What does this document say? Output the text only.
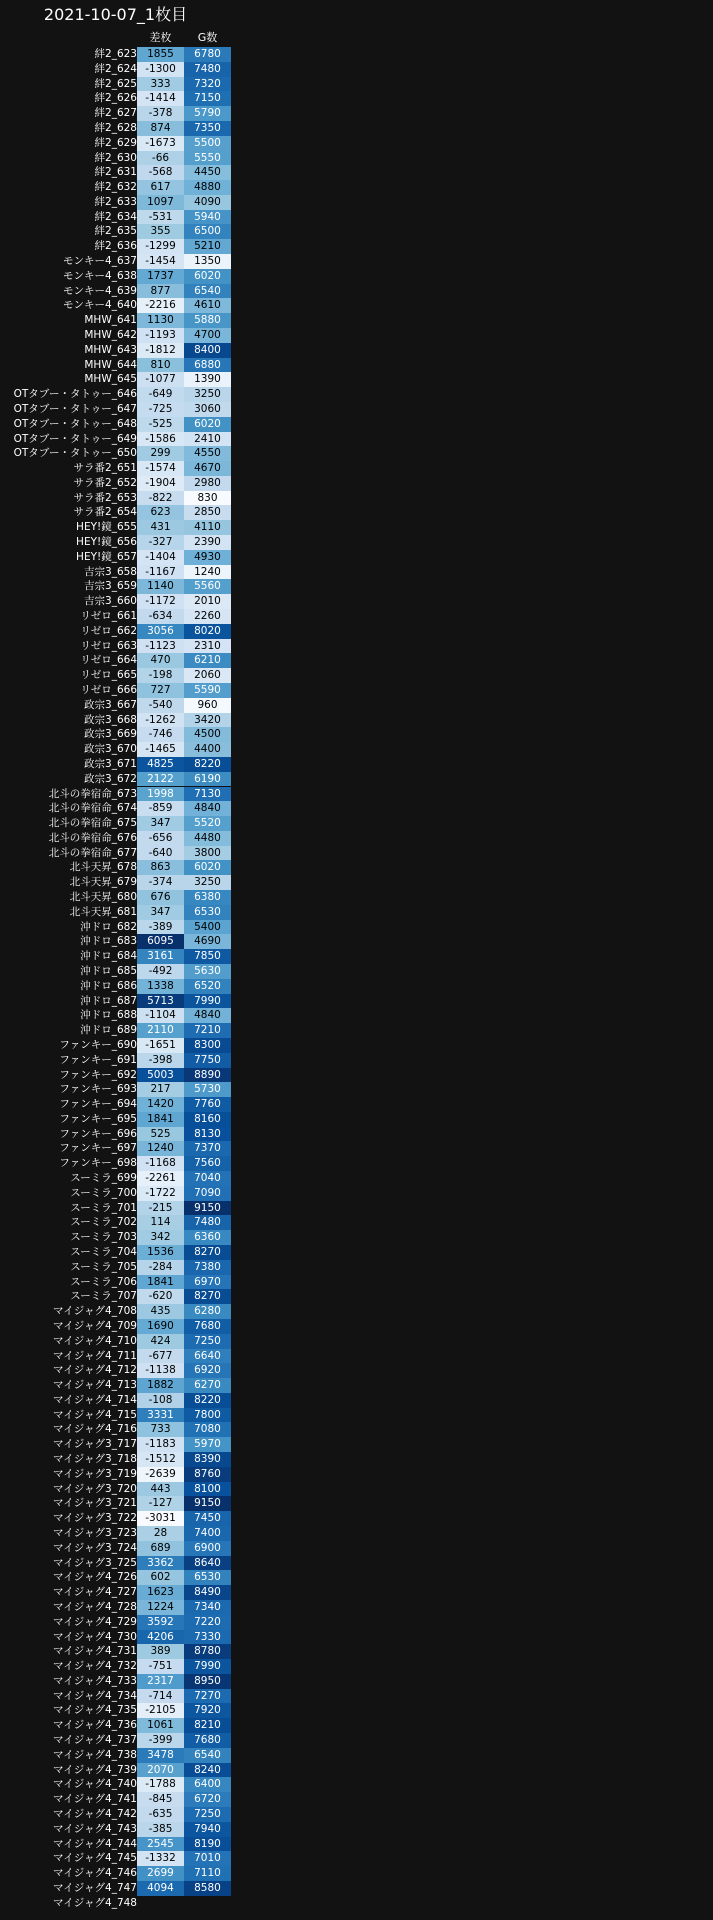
2021-10-07_1枚目
差枚	G数
絆2_623 1855	6780
絆2_624 -1300	7480
絆2_625	333	7320
絆2_626 -1414	7150
絆2_627	-378	5790
絆2_628	874	7350
絆2_629 -1673	5500
絆2_630	-66	5550
絆2_631	-568	4450
絆2_632	617	4880
絆2_633 1097	4090
絆2_634	-531	5940
絆2_635	355	6500
絆2_636 -1299	5210
モンキー4_637 -1454	1350
モンキー4_638 1737	6020
モンキー4_639	877	6540
モンキー4_640 -2216	4610
MHW_641 1130	5880
MHW_642 -1193	4700
MHW_643 -1812	8400
MHW_644	810	6880
MHW_645 -1077	1390
OTタブー・タトゥー_646	-649	3250
OTタブー・タトゥー_647	-725	3060
OTタブー・タトゥー_648	-525	6020
OTタブー・タトゥー_649 -1586	2410
OTタブー・タトゥー_650	299	4550
サラ番2_651 -1574	4670
サラ番2_652 -1904	2980
サラ番2_653	-822	830
サラ番2_654	623	2850
HEY!鏡_655	431	4110
HEY!鏡_656	-327	2390
HEY!鏡_657 -1404	4930
吉宗3_658 -1167	1240
吉宗3_659 1140	5560
吉宗3_660 -1172	2010
リゼロ_661	-634	2260
リゼロ_662 3056	8020
リゼロ_663 -1123	2310
リゼロ_664	470	6210
リゼロ_665	-198	2060
リゼロ_666	727	5590
政宗3_667	-540	960
政宗3_668 -1262	3420
政宗3_669	-746	4500
政宗3_670 -1465	4400
政宗3_671 4825	8220
政宗3_672 2122	6190
北斗の拳宿命_673 1998	7130
北斗の拳宿命_674	-859	4840
北斗の拳宿命_675	347	5520
北斗の拳宿命_676	-656	4480
北斗の拳宿命_677	-640	3800
北斗天昇_678	863	6020
北斗天昇_679	-374	3250
北斗天昇_680	676	6380
北斗天昇_681	347	6530
沖ドロ_682	-389	5400
沖ドロ_683 6095	4690
沖ドロ_684 3161	7850
沖ドロ_685	-492	5630
沖ドロ_686 1338	6520
沖ドロ_687 5713	7990
沖ドロ_688 -1104	4840
沖ドロ_689 2110	7210
ファンキー_690 -1651	8300
ファンキー_691	-398	7750
ファンキー_692 5003	8890
ファンキー_693	217	5730
ファンキー_694 1420	7760
ファンキー_695 1841	8160
ファンキー_696	525	8130
ファンキー_697 1240	7370
ファンキー_698 -1168	7560
スーミラ_699 -2261	7040
スーミラ_700 -1722	7090
スーミラ_701	-215	9150
スーミラ_702	114	7480
スーミラ_703	342	6360
スーミラ_704 1536	8270
スーミラ_705	-284	7380
スーミラ_706 1841	6970
スーミラ_707	-620	8270
マイジャグ4_708	435	6280
マイジャグ4_709 1690	7680
マイジャグ4_710	424	7250
マイジャグ4_711	-677	6640
マイジャグ4_712 -1138	6920
マイジャグ4_713 1882	6270
マイジャグ4_714	-108	8220
マイジャグ4_715 3331	7800
マイジャグ4_716	733	7080
マイジャグ3_717 -1183	5970
マイジャグ3_718 -1512	8390
マイジャグ3_719 -2639	8760
マイジャグ3_720	443	8100
マイジャグ3_721	-127	9150
マイジャグ3_722 -3031	7450
マイジャグ3_723	28	7400
マイジャグ3_724	689	6900
マイジャグ3_725 3362	8640
マイジャグ4_726	602	6530
マイジャグ4_727 1623	8490
マイジャグ4_728 1224	7340
マイジャグ4_729 3592	7220
マイジャグ4_730 4206	7330
マイジャグ4_731	389	8780
マイジャグ4_732	-751	7990
マイジャグ4_733 2317	8950
マイジャグ4_734	-714	7270
マイジャグ4_735 -2105	7920
マイジャグ4_736 1061	8210
マイジャグ4_737	-399	7680
マイジャグ4_738 3478	6540
マイジャグ4_739 2070	8240
マイジャグ4_740 -1788	6400
マイジャグ4_741	-845	6720
マイジャグ4_742	-635	7250
マイジャグ4_743	-385	7940
マイジャグ4_744 2545	8190
マイジャグ4_745 -1332	7010
マイジャグ4_746 2699	7110
マイジャグ4_747 4094	8580
マイジャグ4_748
